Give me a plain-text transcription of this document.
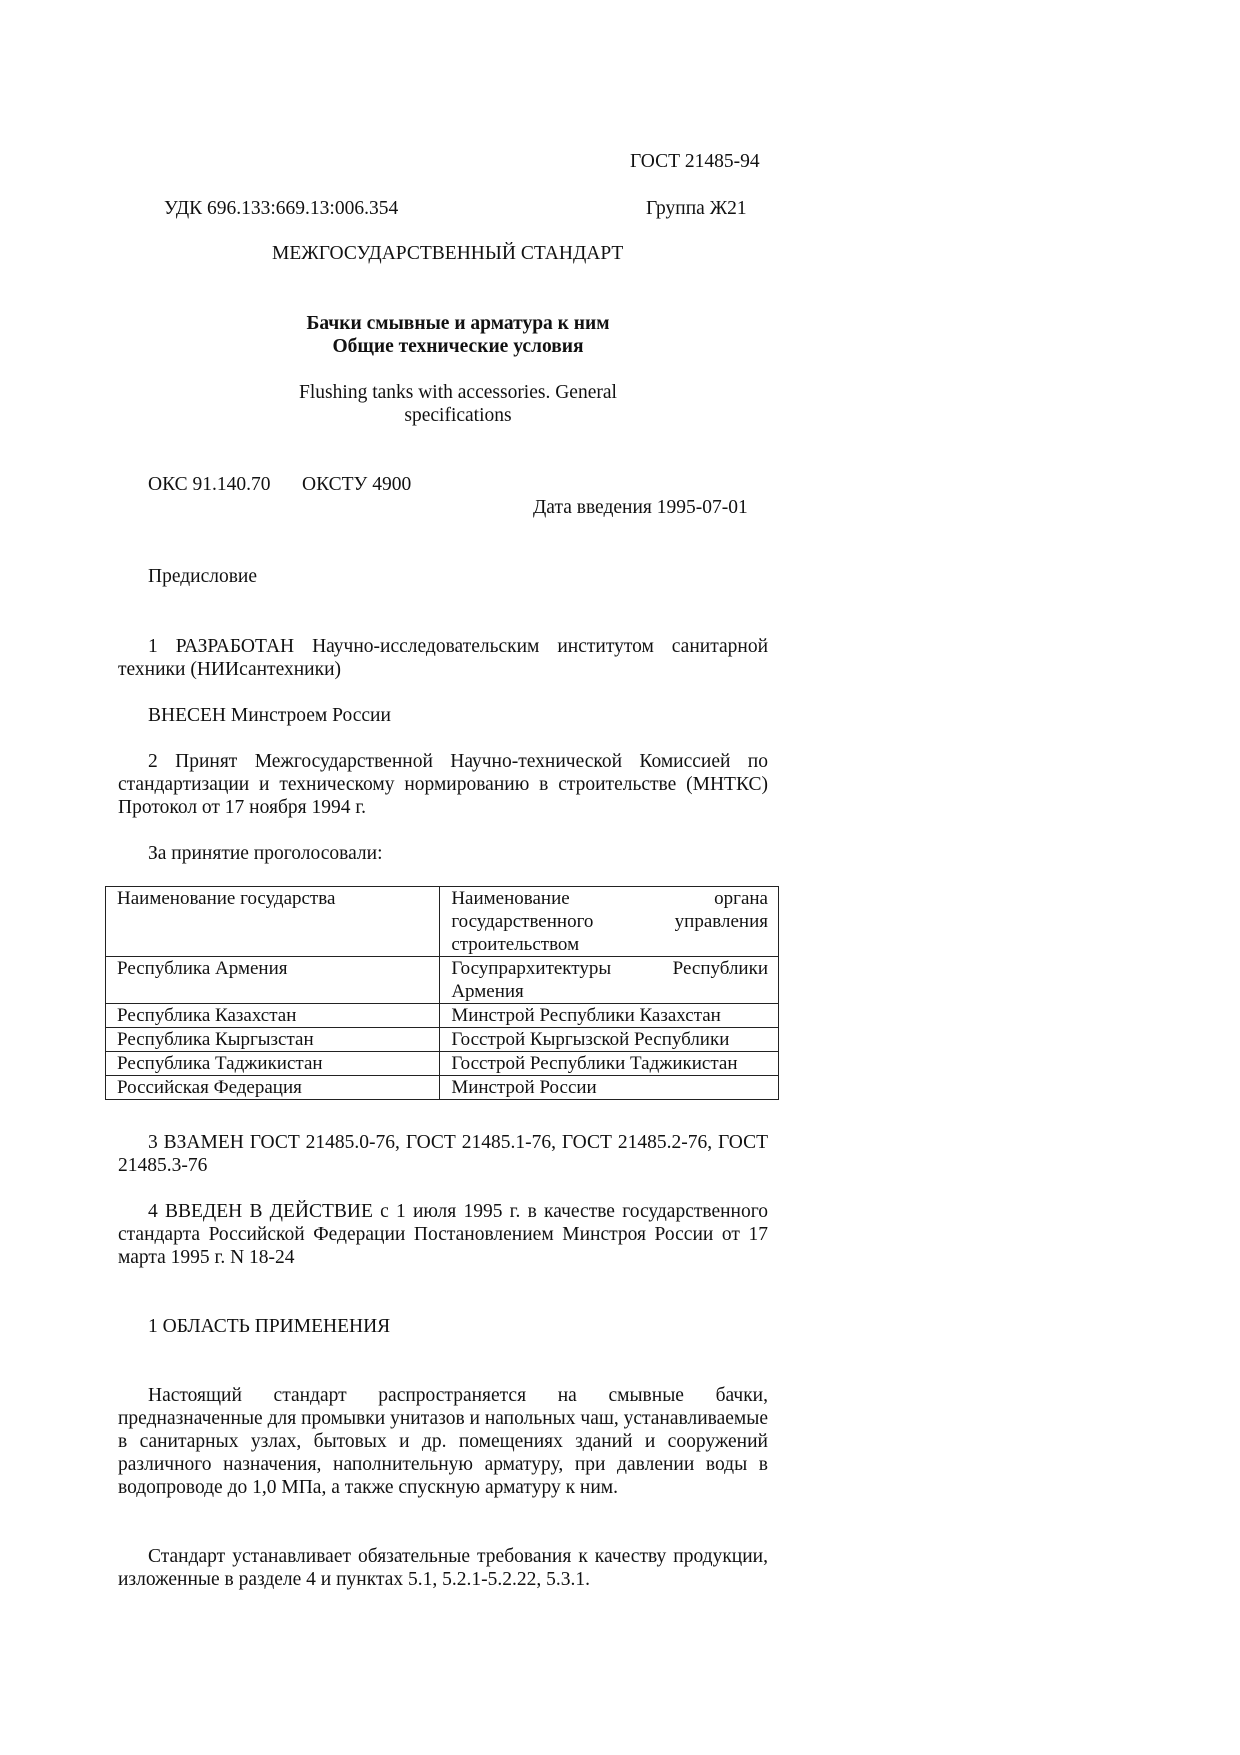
ГОСТ 21485-94
УДК 696.133:669.13:006.354	Группа Ж21
МЕЖГОСУДАРСТВЕННЫЙ СТАНДАРТ
Бачки смывные и арматура к ним
Общие технические условия
Flushing tanks with accessories. General
specifications
ОКС 91.140.70 ОКСТУ 4900
Дата введения 1995-07-01
Предисловие
1 РАЗРАБОТАН Научно-исследовательским институтом санитарной техники (НИИсантехники)
ВНЕСЕН Минстроем России
2 Принят Межгосударственной Научно-технической Комиссией по стандартизации и техническому нормированию в строительстве (МНТКС) Протокол от 17 ноября 1994 г.
За принятие проголосовали:
Наименование государства	Наименование органа государственного управления строительством
Республика Армения	Госупрархитектуры Республики Армения
Республика Казахстан	Минстрой Республики Казахстан
Республика Кыргызстан	Госстрой Кыргызской Республики
Республика Таджикистан	Госстрой Республики Таджикистан
Российская Федерация	Минстрой России
3 ВЗАМЕН ГОСТ 21485.0-76, ГОСТ 21485.1-76, ГОСТ 21485.2-76, ГОСТ 21485.3-76
4 ВВЕДЕН В ДЕЙСТВИЕ с 1 июля 1995 г. в качестве государственного стандарта Российской Федерации Постановлением Минстроя России от 17 марта 1995 г. N 18-24
1 ОБЛАСТЬ ПРИМЕНЕНИЯ
Настоящий стандарт распространяется на смывные бачки, предназначенные для промывки унитазов и напольных чаш, устанавливаемые в санитарных узлах, бытовых и др. помещениях зданий и сооружений различного назначения, наполнительную арматуру, при давлении воды в водопроводе до 1,0 МПа, а также спускную арматуру к ним.
Стандарт устанавливает обязательные требования к качеству продукции, изложенные в разделе 4 и пунктах 5.1, 5.2.1-5.2.22, 5.3.1.
